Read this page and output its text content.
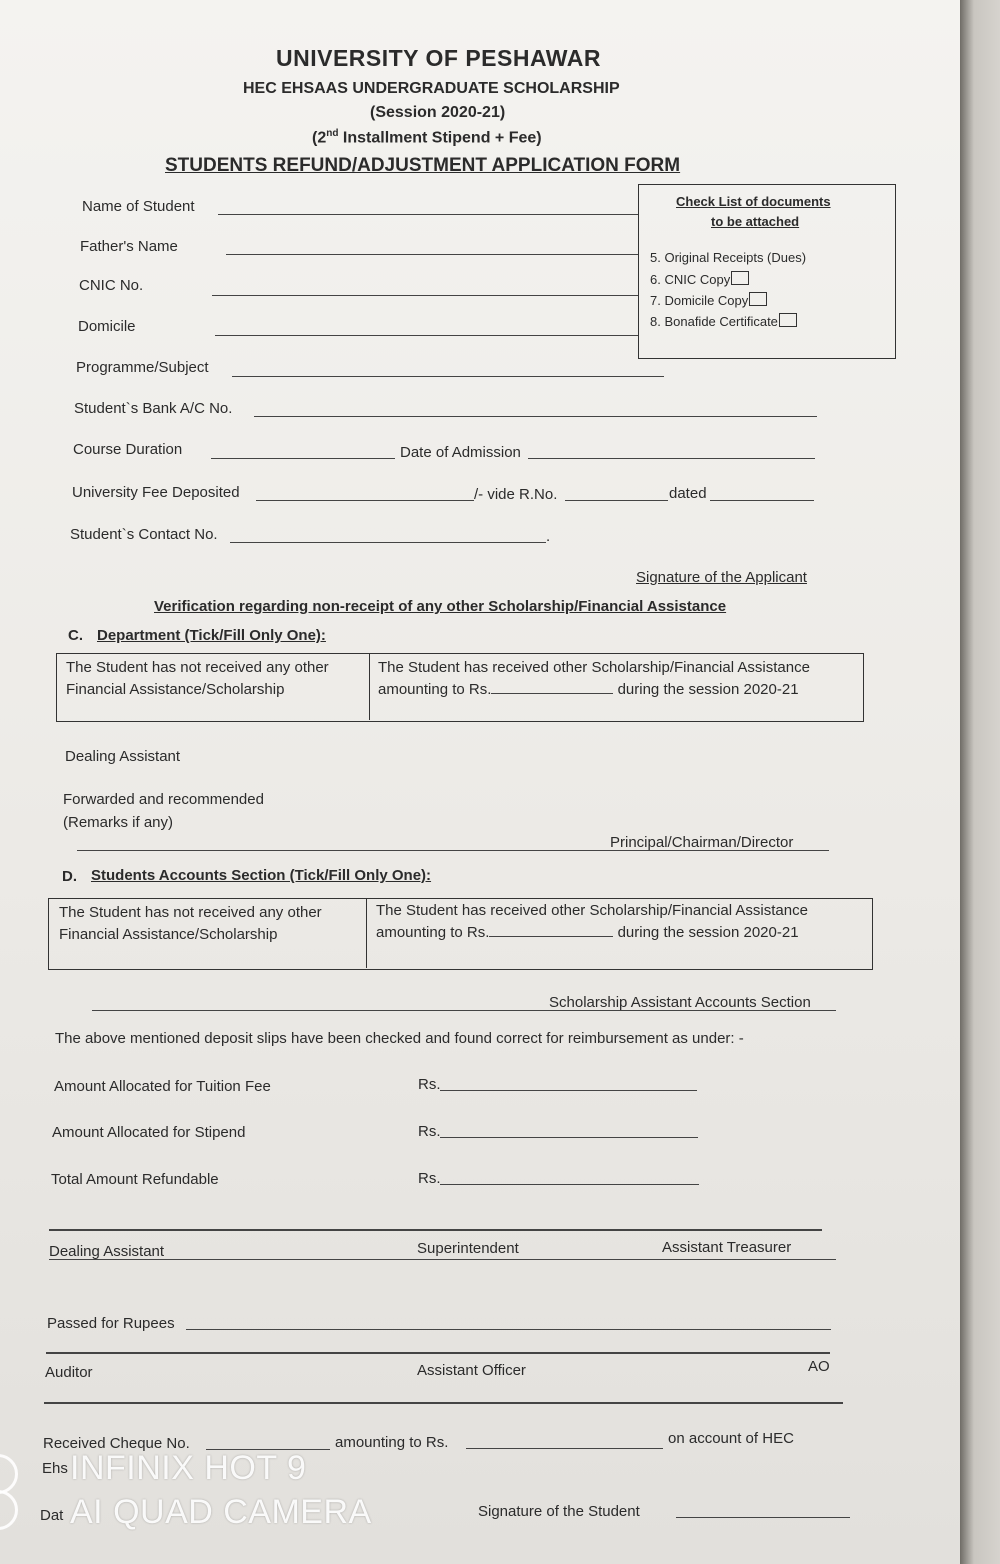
UNIVERSITY OF PESHAWAR
HEC EHSAAS UNDERGRADUATE SCHOLARSHIP
(Session 2020-21)
(2nd Installment Stipend + Fee)
STUDENTS REFUND/ADJUSTMENT APPLICATION FORM
Name of Student
Father's Name
CNIC No.
Domicile
Check List of documents
to be attached
5. Original Receipts (Dues)
6. CNIC Copy
7. Domicile Copy
8. Bonafide Certificate
Programme/Subject
Student`s Bank A/C No.
Course Duration	Date of Admission
University Fee Deposited	/- vide R.No.	dated
Student`s Contact No.	.
Signature of the Applicant
Verification regarding non-receipt of any other Scholarship/Financial Assistance
C. Department (Tick/Fill Only One):
The Student has not received any other Financial Assistance/Scholarship
The Student has received other Scholarship/Financial Assistance
amounting to Rs.	during the session 2020-21
Dealing Assistant
Forwarded and recommended
(Remarks if any)
Principal/Chairman/Director
D. Students Accounts Section (Tick/Fill Only One):
The Student has not received any other Financial Assistance/Scholarship
The Student has received other Scholarship/Financial Assistance
amounting to Rs.	during the session 2020-21
Scholarship Assistant Accounts Section
The above mentioned deposit slips have been checked and found correct for reimbursement as under: -
Amount Allocated for Tuition Fee	Rs.
Amount Allocated for Stipend	Rs.
Total Amount Refundable	Rs.
Dealing Assistant	Superintendent	Assistant Treasurer
Passed for Rupees
Auditor	Assistant Officer	AO
Received Cheque No.	amounting to Rs.	on account of HEC
Ehs
Dat	Signature of the Student
INFINIX HOT 9
AI QUAD CAMERA
